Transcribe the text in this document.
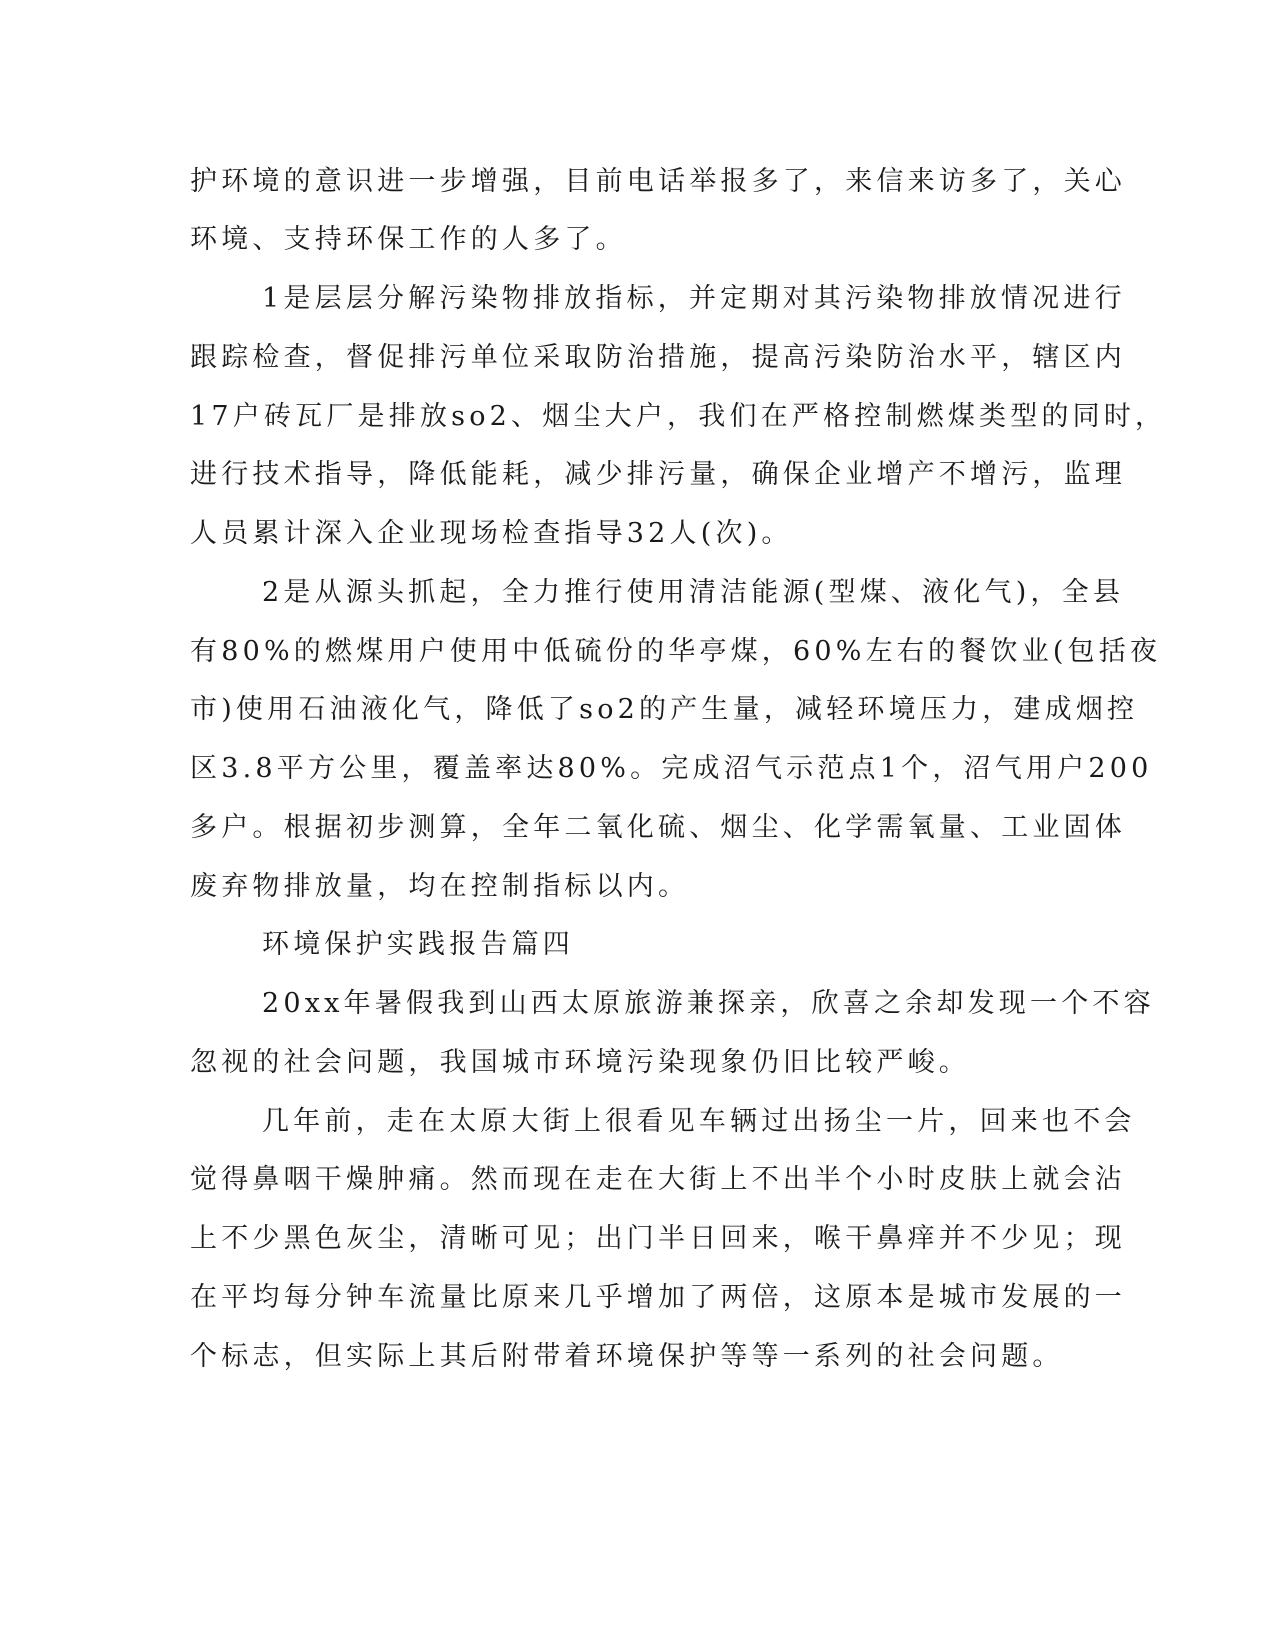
护环境的意识进一步增强，目前电话举报多了，来信来访多了，关心
环境、支持环保工作的人多了。
1是层层分解污染物排放指标，并定期对其污染物排放情况进行
跟踪检查，督促排污单位采取防治措施，提高污染防治水平，辖区内
17户砖瓦厂是排放so2、烟尘大户，我们在严格控制燃煤类型的同时，
进行技术指导，降低能耗，减少排污量，确保企业增产不增污，监理
人员累计深入企业现场检查指导32人(次)。
2是从源头抓起，全力推行使用清洁能源(型煤、液化气)，全县
有80%的燃煤用户使用中低硫份的华亭煤，60%左右的餐饮业(包括夜
市)使用石油液化气，降低了so2的产生量，减轻环境压力，建成烟控
区3.8平方公里，覆盖率达80%。完成沼气示范点1个，沼气用户200
多户。根据初步测算，全年二氧化硫、烟尘、化学需氧量、工业固体
废弃物排放量，均在控制指标以内。
环境保护实践报告篇四
20xx年暑假我到山西太原旅游兼探亲，欣喜之余却发现一个不容
忽视的社会问题，我国城市环境污染现象仍旧比较严峻。
几年前，走在太原大街上很看见车辆过出扬尘一片，回来也不会
觉得鼻咽干燥肿痛。然而现在走在大街上不出半个小时皮肤上就会沾
上不少黑色灰尘，清晰可见；出门半日回来，喉干鼻痒并不少见；现
在平均每分钟车流量比原来几乎增加了两倍，这原本是城市发展的一
个标志，但实际上其后附带着环境保护等等一系列的社会问题。
